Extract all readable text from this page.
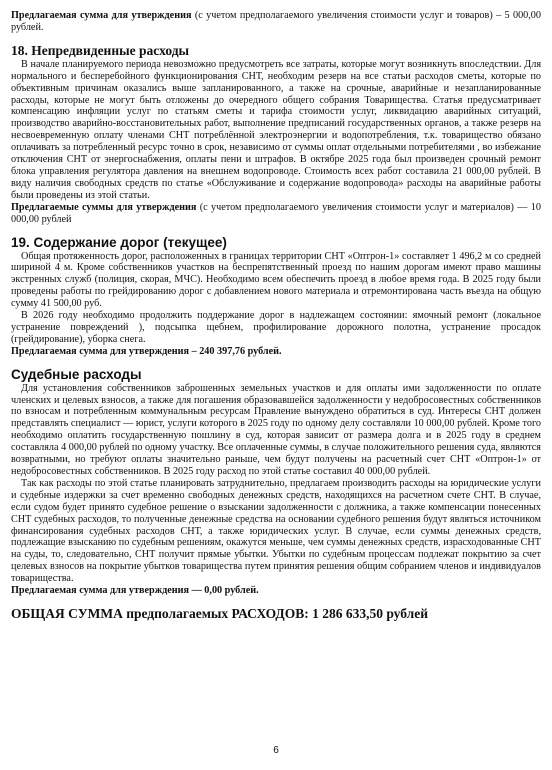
Предлагаемая сумма для утверждения (с учетом предполагаемого увеличения стоимости услуг и товаров) – 5 000,00 рублей.

18. Непредвиденные расходы

В начале планируемого периода невозможно предусмотреть все затраты, которые могут возникнуть впоследствии. Для нормального и бесперебойного функционирования СНТ, необходим резерв на все статьи расходов сметы, которые по объективным причинам оказались выше запланированного, а также на срочные, аварийные и незапланированные расходы, которые не могут быть отложены до очередного общего собрания Товарищества. Статья предусматривает компенсацию инфляции услуг по статьям сметы и тарифа стоимости услуг, ликвидацию аварийных ситуаций, производство аварийно-восстановительных работ, выполнение предписаний государственных органов, а также резерв на несвоевременную оплату членами СНТ потреблённой электроэнергии и водопотребления, т.к. товарищество обязано оплачивать за потребленный ресурс точно в срок, независимо от суммы оплат отдельными потребителями , во избежание отключения СНТ от энергоснабжения, оплаты пени и штрафов. В октябре 2025 года был произведен срочный ремонт блока управления регулятора давления на внешнем водопроводе. Стоимость всех работ составила 21 000,00 рублей. В виду наличия свободных средств по статье «Обслуживание и содержание водопровода» расходы на аварийные работы были проведены из этой статьи.

Предлагаемые суммы для утверждения (с учетом предполагаемого увеличения стоимости услуг и материалов) — 10 000,00 рублей

19. Содержание дорог (текущее)

Общая протяженность дорог, расположенных в границах территории СНТ «Оптрон-1» составляет 1 496,2 м со средней шириной 4 м. Кроме собственников участков на беспрепятственный проезд по нашим дорогам имеют право машины экстренных служб (полиция, скорая, МЧС). Необходимо всем обеспечить проезд в любое время года. В 2025 году были проведены работы по грейдированию дорог с добавлением нового материала и отремонтирована часть въезда на общую сумму 41 500,00 руб.

В 2026 году необходимо продолжить поддержание дорог в надлежащем состоянии: ямочный ремонт (локальное устранение повреждений ), подсыпка щебнем, профилирование дорожного полотна, устранение просадок (грейдирование), уборка снега.

Предлагаемая сумма для утверждения – 240 397,76 рублей.

Судебные расходы

Для установления собственников заброшенных земельных участков и для оплаты ими задолженности по оплате членских и целевых взносов, а также для погашения образовавшейся задолженности у недобросовестных собственников по взносам и потребленным коммунальным ресурсам Правление вынуждено обратиться в суд. Интересы СНТ должен представлять специалист — юрист, услуги которого в 2025 году по одному делу составляли 10 000,00 рублей. Кроме того необходимо оплатить государственную пошлину в суд, которая зависит от размера долга и в 2025 году в среднем составляла 4 000,00 рублей по одному участку. Все оплаченные суммы, в случае положительного решения суда, являются возвратными, но требуют оплаты значительно раньше, чем будут получены на расчетный счет СНТ «Оптрон-1» от недобросовестных собственников. В 2025 году расход по этой статье составил 40 000,00 рублей.

Так как расходы по этой статье планировать затруднительно, предлагаем производить расходы на юридические услуги и судебные издержки за счет временно свободных денежных средств, находящихся на расчетном счете СНТ. В случае, если судом будет принято судебное решение о взыскании задолженности с должника, а также компенсации понесенных СНТ судебных расходов, то полученные денежные средства на основании судебного решения будут являться источником финансирования судебных расходов СНТ, а также юридических услуг. В случае, если суммы денежных средств, подлежащие взысканию по судебным решениям, окажутся меньше, чем суммы денежных средств, израсходованные СНТ на суды, то, следовательно, СНТ получит прямые убытки. Убытки по судебным процессам подлежат покрытию за счет целевых взносов на покрытие убытков товарищества путем принятия решения общим собранием членов и индивидуалов товарищества.

Предлагаемая сумма для утверждения — 0,00 рублей.

ОБЩАЯ СУММА предполагаемых РАСХОДОВ: 1 286 633,50 рублей
6
